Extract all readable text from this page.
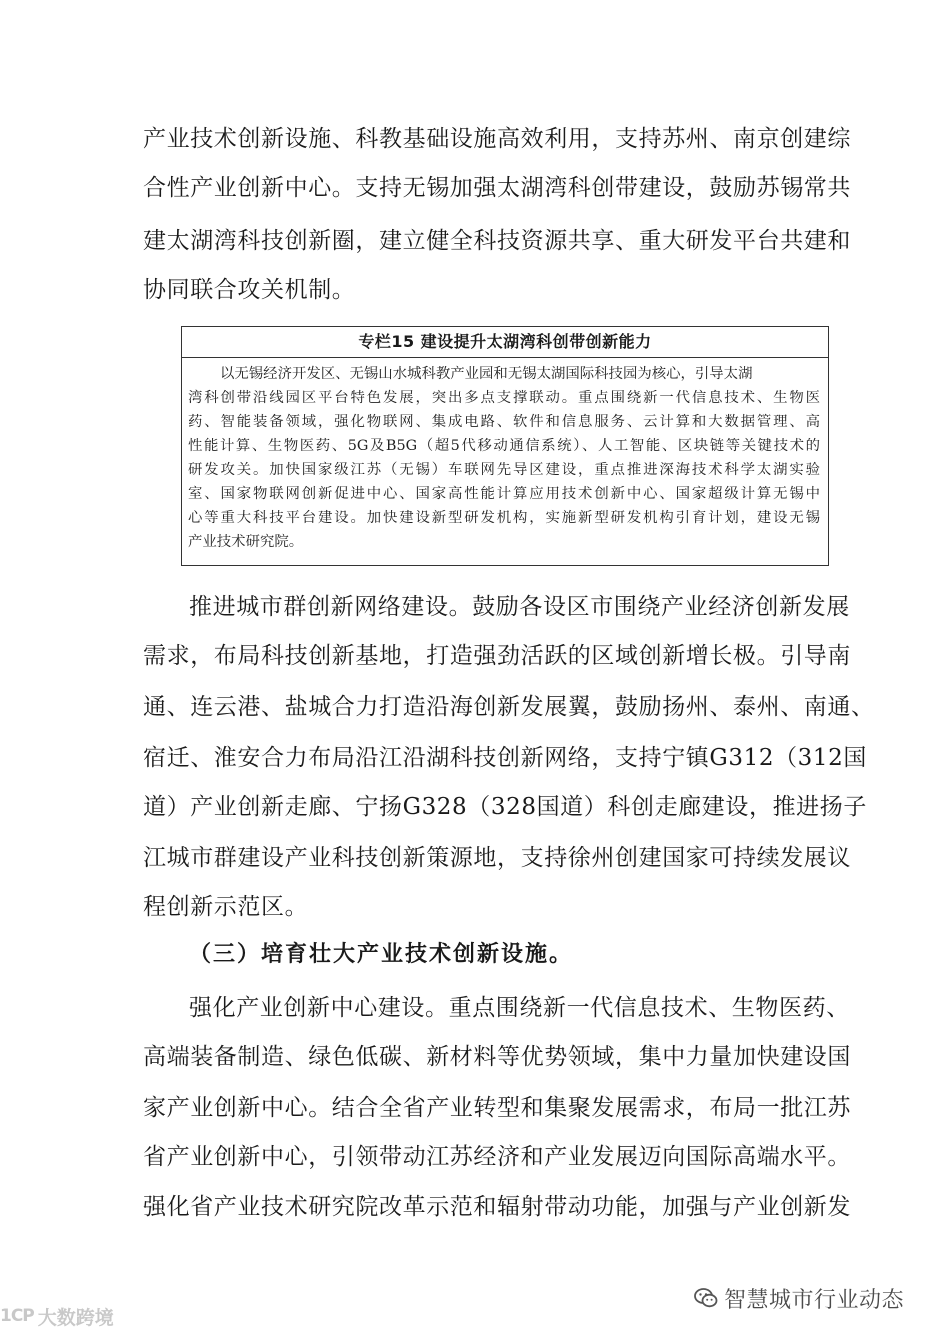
产业技术创新设施、科教基础设施高效利用，支持苏州、南京创建综
合性产业创新中心。支持无锡加强太湖湾科创带建设，鼓励苏锡常共
建太湖湾科技创新圈，建立健全科技资源共享、重大研发平台共建和
协同联合攻关机制。
专栏15 建设提升太湖湾科创带创新能力
以无锡经济开发区、无锡山水城科教产业园和无锡太湖国际科技园为核心，引导太湖
湾科创带沿线园区平台特色发展，突出多点支撑联动。重点围绕新一代信息技术、生物医
药、智能装备领域，强化物联网、集成电路、软件和信息服务、云计算和大数据管理、高
性能计算、生物医药、5G及B5G（超5代移动通信系统）、人工智能、区块链等关键技术的
研发攻关。加快国家级江苏（无锡）车联网先导区建设，重点推进深海技术科学太湖实验
室、国家物联网创新促进中心、国家高性能计算应用技术创新中心、国家超级计算无锡中
心等重大科技平台建设。加快建设新型研发机构，实施新型研发机构引育计划，建设无锡
产业技术研究院。
推进城市群创新网络建设。鼓励各设区市围绕产业经济创新发展
需求，布局科技创新基地，打造强劲活跃的区域创新增长极。引导南
通、连云港、盐城合力打造沿海创新发展翼，鼓励扬州、泰州、南通、
宿迁、淮安合力布局沿江沿湖科技创新网络，支持宁镇G312（312国
道）产业创新走廊、宁扬G328（328国道）科创走廊建设，推进扬子
江城市群建设产业科技创新策源地，支持徐州创建国家可持续发展议
程创新示范区。
（三）培育壮大产业技术创新设施。
强化产业创新中心建设。重点围绕新一代信息技术、生物医药、
高端装备制造、绿色低碳、新材料等优势领域，集中力量加快建设国
家产业创新中心。结合全省产业转型和集聚发展需求，布局一批江苏
省产业创新中心，引领带动江苏经济和产业发展迈向国际高端水平。
强化省产业技术研究院改革示范和辐射带动功能，加强与产业创新发
1CP 大数跨境
智慧城市行业动态
